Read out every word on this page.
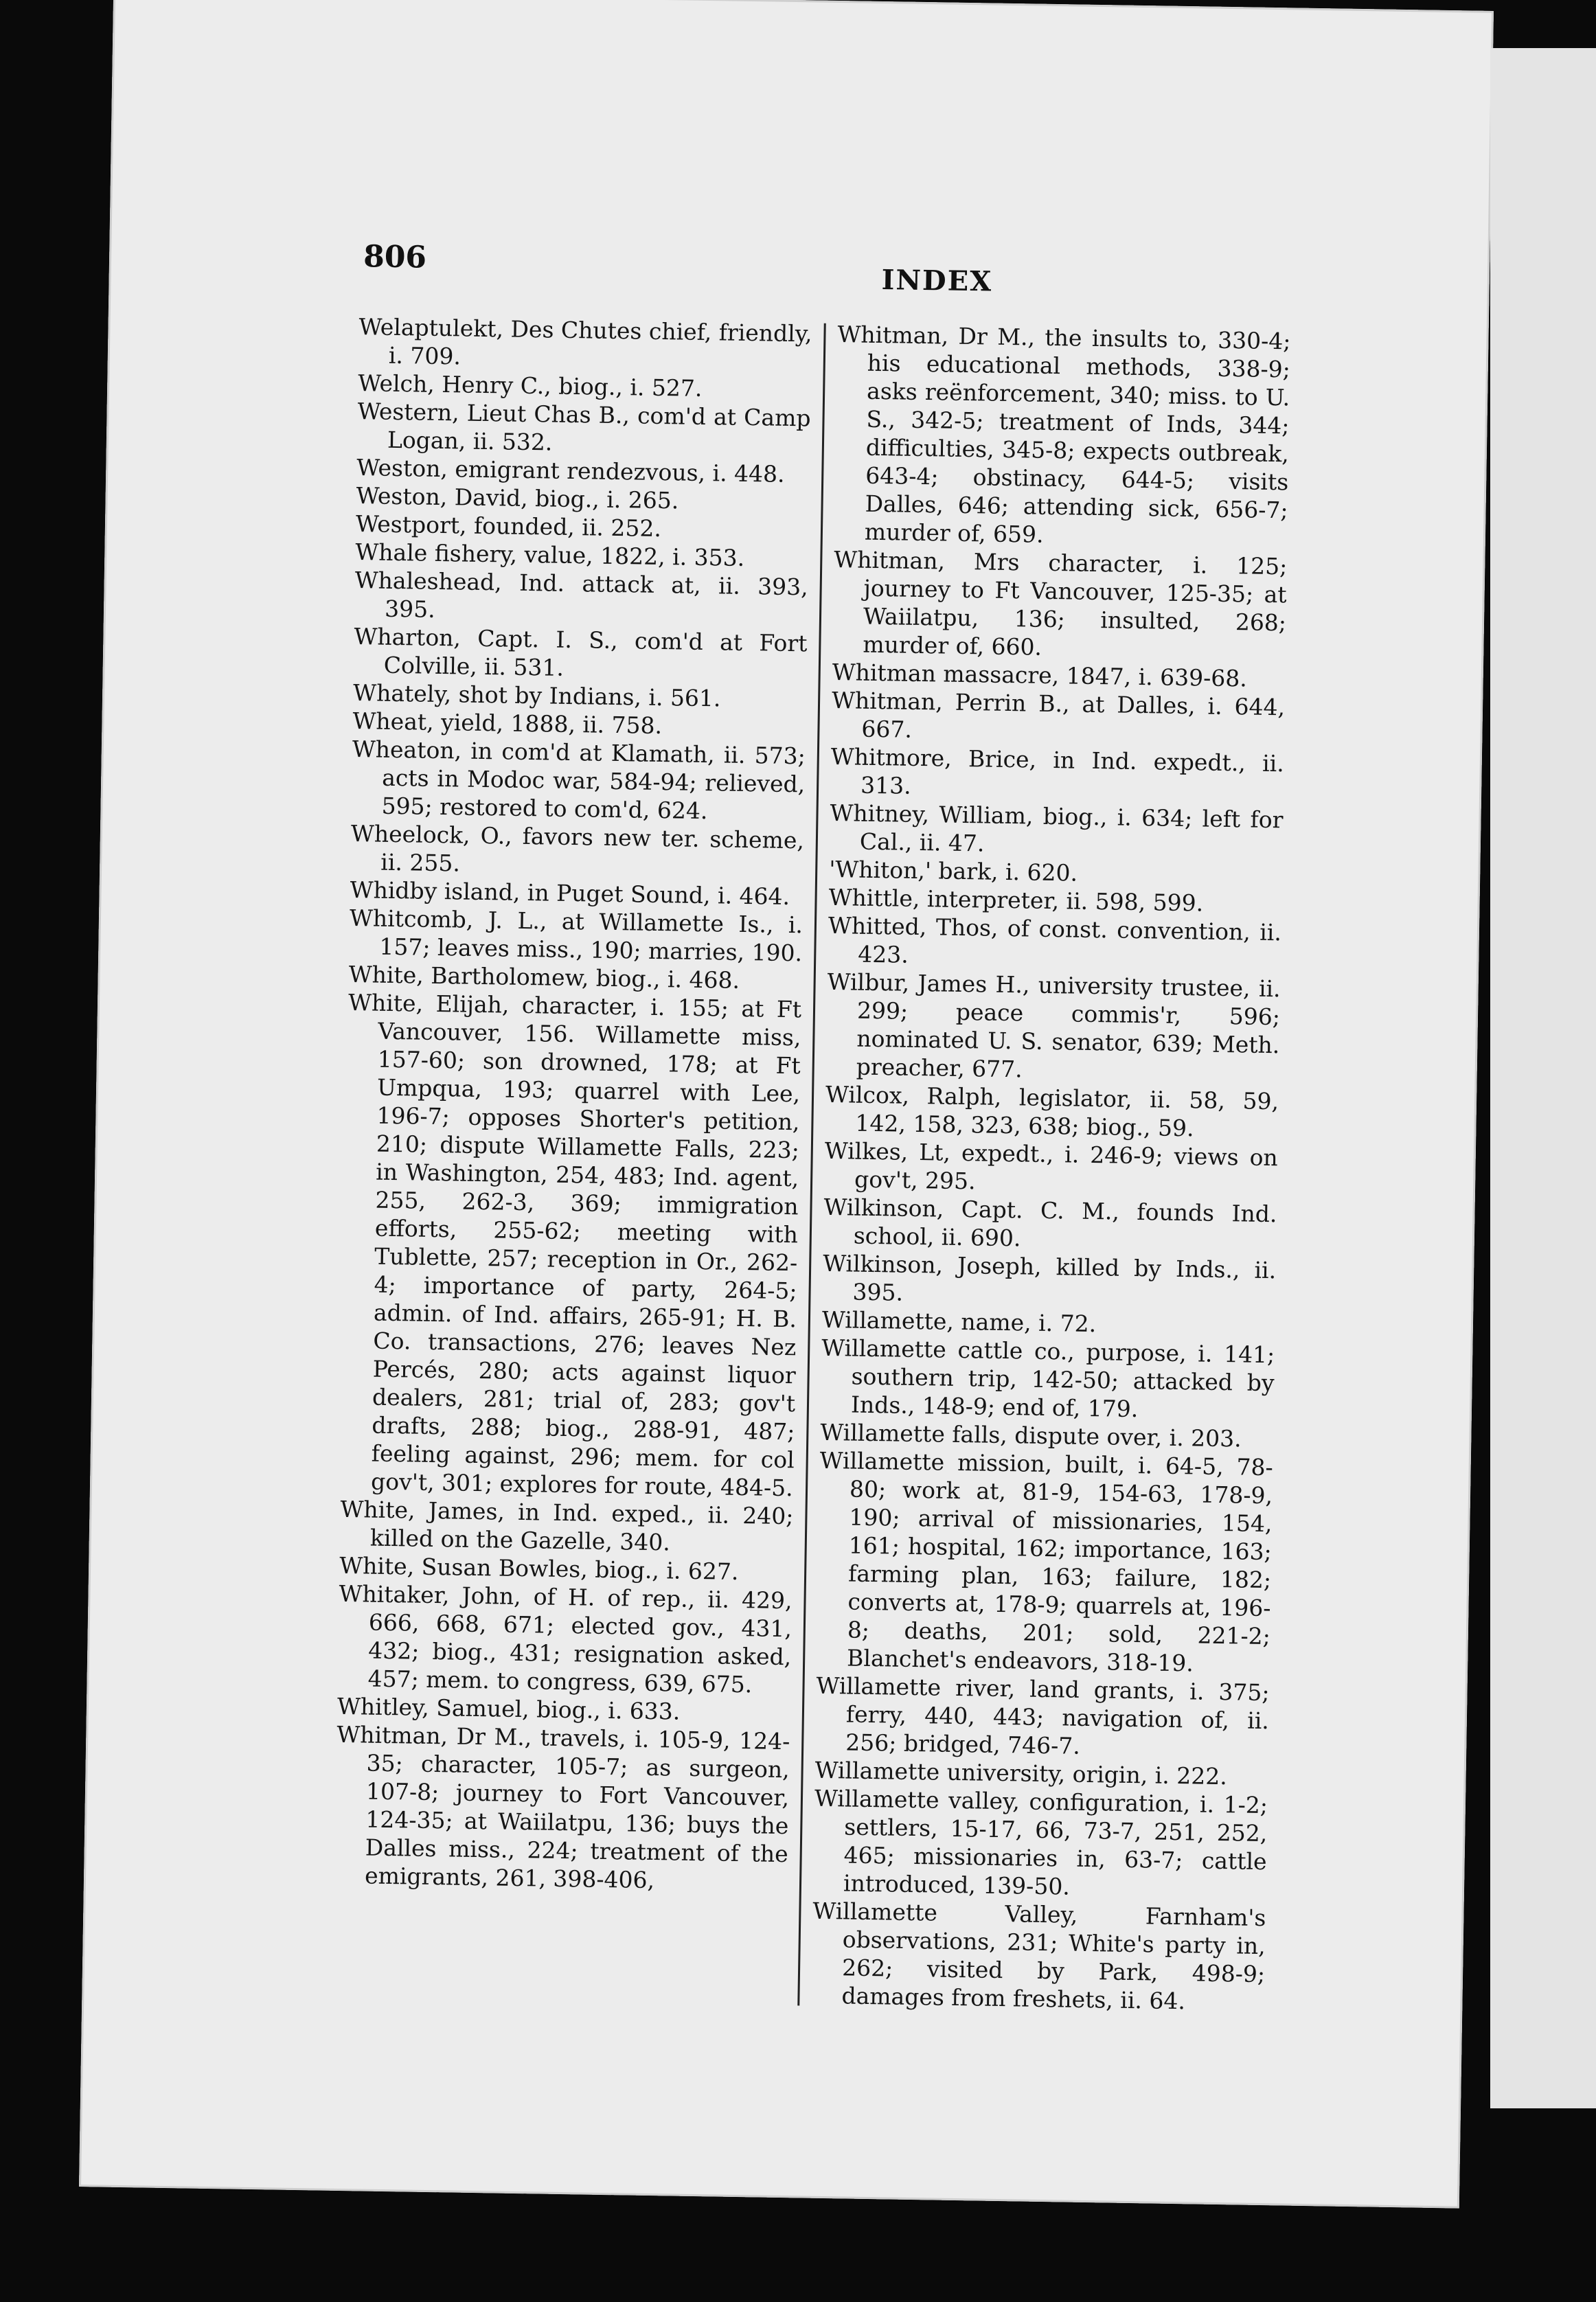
806
INDEX

Welaptulekt, Des Chutes chief, friendly, i. 709.

Welch, Henry C., biog., i. 527.

Western, Lieut Chas B., com'd at Camp Logan, ii. 532.

Weston, emigrant rendezvous, i. 448.

Weston, David, biog., i. 265.

Westport, founded, ii. 252.

Whale fishery, value, 1822, i. 353.

Whaleshead, Ind. attack at, ii. 393, 395.

Wharton, Capt. I. S., com'd at Fort Colville, ii. 531.

Whately, shot by Indians, i. 561.

Wheat, yield, 1888, ii. 758.

Wheaton, in com'd at Klamath, ii. 573; acts in Modoc war, 584-94; relieved, 595; restored to com'd, 624.

Wheelock, O., favors new ter. scheme, ii. 255.

Whidby island, in Puget Sound, i. 464.

Whitcomb, J. L., at Willamette Is., i. 157; leaves miss., 190; marries, 190.

White, Bartholomew, biog., i. 468.

White, Elijah, character, i. 155; at Ft Vancouver, 156. Willamette miss, 157-60; son drowned, 178; at Ft Umpqua, 193; quarrel with Lee, 196-7; opposes Shorter's petition, 210; dispute Willamette Falls, 223; in Washington, 254, 483; Ind. agent, 255, 262-3, 369; immigration efforts, 255-62; meeting with Tublette, 257; reception in Or., 262-4; importance of party, 264-5; admin. of Ind. affairs, 265-91; H. B. Co. transactions, 276; leaves Nez Percés, 280; acts against liquor dealers, 281; trial of, 283; gov't drafts, 288; biog., 288-91, 487; feeling against, 296; mem. for col gov't, 301; explores for route, 484-5.

White, James, in Ind. exped., ii. 240; killed on the Gazelle, 340.

White, Susan Bowles, biog., i. 627.

Whitaker, John, of H. of rep., ii. 429, 666, 668, 671; elected gov., 431, 432; biog., 431; resignation asked, 457; mem. to congress, 639, 675.

Whitley, Samuel, biog., i. 633.

Whitman, Dr M., travels, i. 105-9, 124-35; character, 105-7; as surgeon, 107-8; journey to Fort Vancouver, 124-35; at Waiilatpu, 136; buys the Dalles miss., 224; treatment of the emigrants, 261, 398-406,

Whitman, Dr M., the insults to, 330-4; his educational methods, 338-9; asks reënforcement, 340; miss. to U. S., 342-5; treatment of Inds, 344; difficulties, 345-8; expects outbreak, 643-4; obstinacy, 644-5; visits Dalles, 646; attending sick, 656-7; murder of, 659.

Whitman, Mrs character, i. 125; journey to Ft Vancouver, 125-35; at Waiilatpu, 136; insulted, 268; murder of, 660.

Whitman massacre, 1847, i. 639-68.

Whitman, Perrin B., at Dalles, i. 644, 667.

Whitmore, Brice, in Ind. expedt., ii. 313.

Whitney, William, biog., i. 634; left for Cal., ii. 47.

'Whiton,' bark, i. 620.

Whittle, interpreter, ii. 598, 599.

Whitted, Thos, of const. convention, ii. 423.

Wilbur, James H., university trustee, ii. 299; peace commis'r, 596; nominated U. S. senator, 639; Meth. preacher, 677.

Wilcox, Ralph, legislator, ii. 58, 59, 142, 158, 323, 638; biog., 59.

Wilkes, Lt, expedt., i. 246-9; views on gov't, 295.

Wilkinson, Capt. C. M., founds Ind. school, ii. 690.

Wilkinson, Joseph, killed by Inds., ii. 395.

Willamette, name, i. 72.

Willamette cattle co., purpose, i. 141; southern trip, 142-50; attacked by Inds., 148-9; end of, 179.

Willamette falls, dispute over, i. 203.

Willamette mission, built, i. 64-5, 78-80; work at, 81-9, 154-63, 178-9, 190; arrival of missionaries, 154, 161; hospital, 162; importance, 163; farming plan, 163; failure, 182; converts at, 178-9; quarrels at, 196-8; deaths, 201; sold, 221-2; Blanchet's endeavors, 318-19.

Willamette river, land grants, i. 375; ferry, 440, 443; navigation of, ii. 256; bridged, 746-7.

Willamette university, origin, i. 222.

Willamette valley, configuration, i. 1-2; settlers, 15-17, 66, 73-7, 251, 252, 465; missionaries in, 63-7; cattle introduced, 139-50.

Willamette Valley, Farnham's observations, 231; White's party in, 262; visited by Park, 498-9; damages from freshets, ii. 64.
